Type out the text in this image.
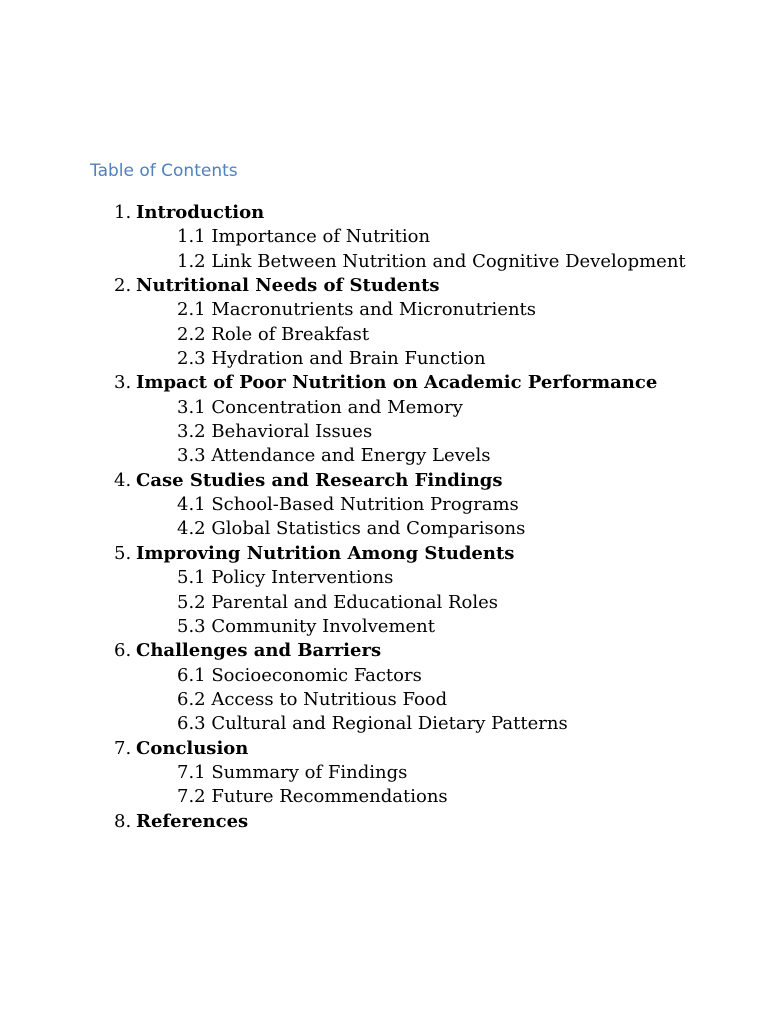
Table of Contents
1. Introduction
1.1 Importance of Nutrition
1.2 Link Between Nutrition and Cognitive Development
2. Nutritional Needs of Students
2.1 Macronutrients and Micronutrients
2.2 Role of Breakfast
2.3 Hydration and Brain Function
3. Impact of Poor Nutrition on Academic Performance
3.1 Concentration and Memory
3.2 Behavioral Issues
3.3 Attendance and Energy Levels
4. Case Studies and Research Findings
4.1 School-Based Nutrition Programs
4.2 Global Statistics and Comparisons
5. Improving Nutrition Among Students
5.1 Policy Interventions
5.2 Parental and Educational Roles
5.3 Community Involvement
6. Challenges and Barriers
6.1 Socioeconomic Factors
6.2 Access to Nutritious Food
6.3 Cultural and Regional Dietary Patterns
7. Conclusion
7.1 Summary of Findings
7.2 Future Recommendations
8. References
